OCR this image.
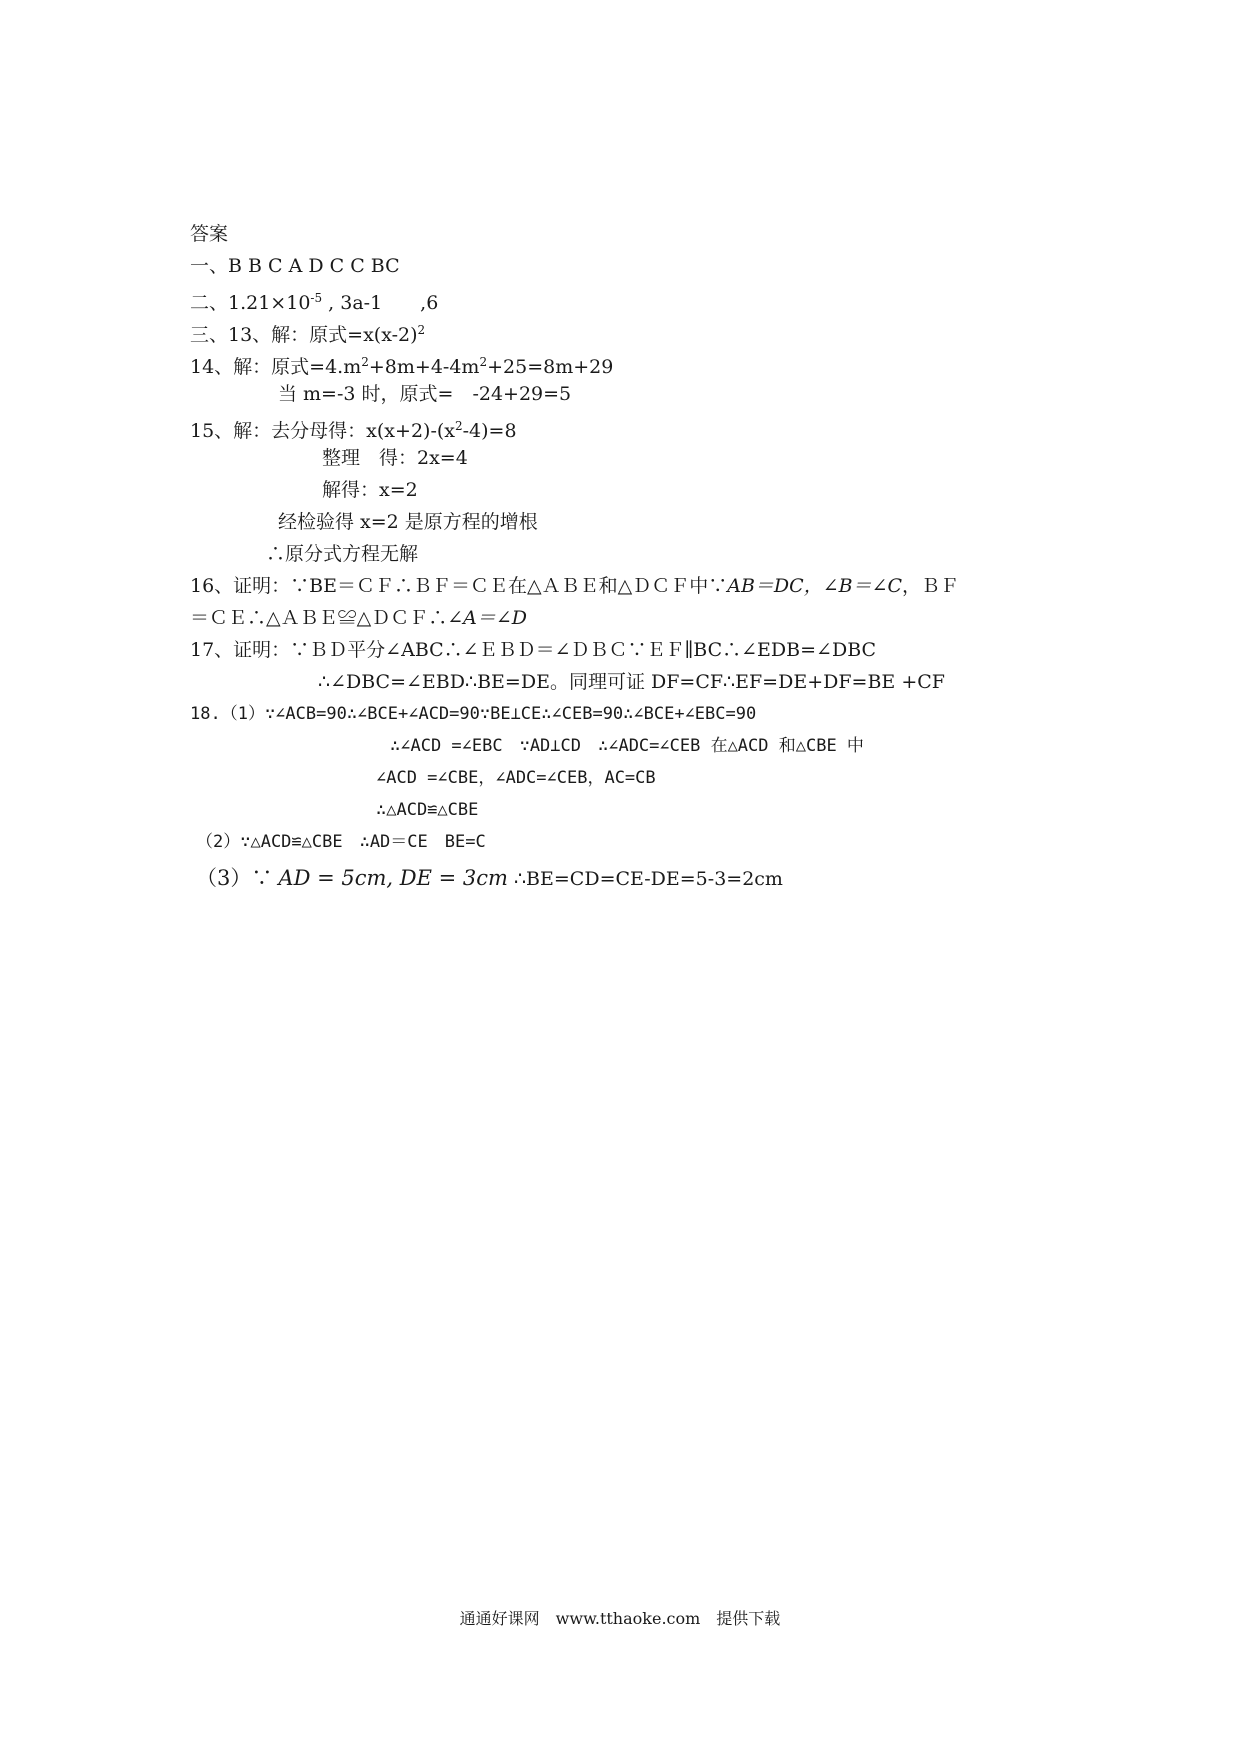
答案
一、B B C A D C C BC
二、$1.21\times 10^{-5}$ , 3a-1　　,6
三、13、解：原式$=x(x-2)^2$
14、解：原式$=4.m^2+8m+4-4m^2+25=8m+29$
当 m=-3 时，原式=　-24+29=5
15、解：去分母得：$x(x+2)-(x^2-4)=8$
整理　得：2x=4
解得：x=2
经检验得 x=2 是原方程的增根
∴原分式方程无解
16、证明：∵BE＝ＣＦ∴ＢＦ＝ＣＥ在△ＡＢＥ和△ＤＣＦ中∵AB＝DC，∠B＝∠C，ＢＦ
＝ＣＥ∴△ＡＢＥ≌△ＤＣＦ∴∠A＝∠D
17、证明：∵ＢＤ平分∠ABC∴∠ＥＢＤ＝∠ＤＢＣ∵ＥＦ∥BC∴∠EDB=∠DBC
∴∠DBC=∠EBD∴BE=DE。同理可证 DF=CF∴EF=DE+DF=BE +CF
18.（1）∵∠ACB=90∴∠BCE+∠ACD=90∵BE⊥CE∴∠CEB=90∴∠BCE+∠EBC=90
∴∠ACD =∠EBC　∵AD⊥CD　∴∠ADC=∠CEB 在△ACD 和△CBE 中
∠ACD =∠CBE，∠ADC=∠CEB，AC=CB
∴△ACD≌△CBE
（2）∵△ACD≌△CBE　∴AD＝CE　BE=C
（3）∵ AD = 5cm, DE = 3cm ∴BE=CD=CE-DE=5-3=2cm
通通好课网　www.tthaoke.com　提供下载
